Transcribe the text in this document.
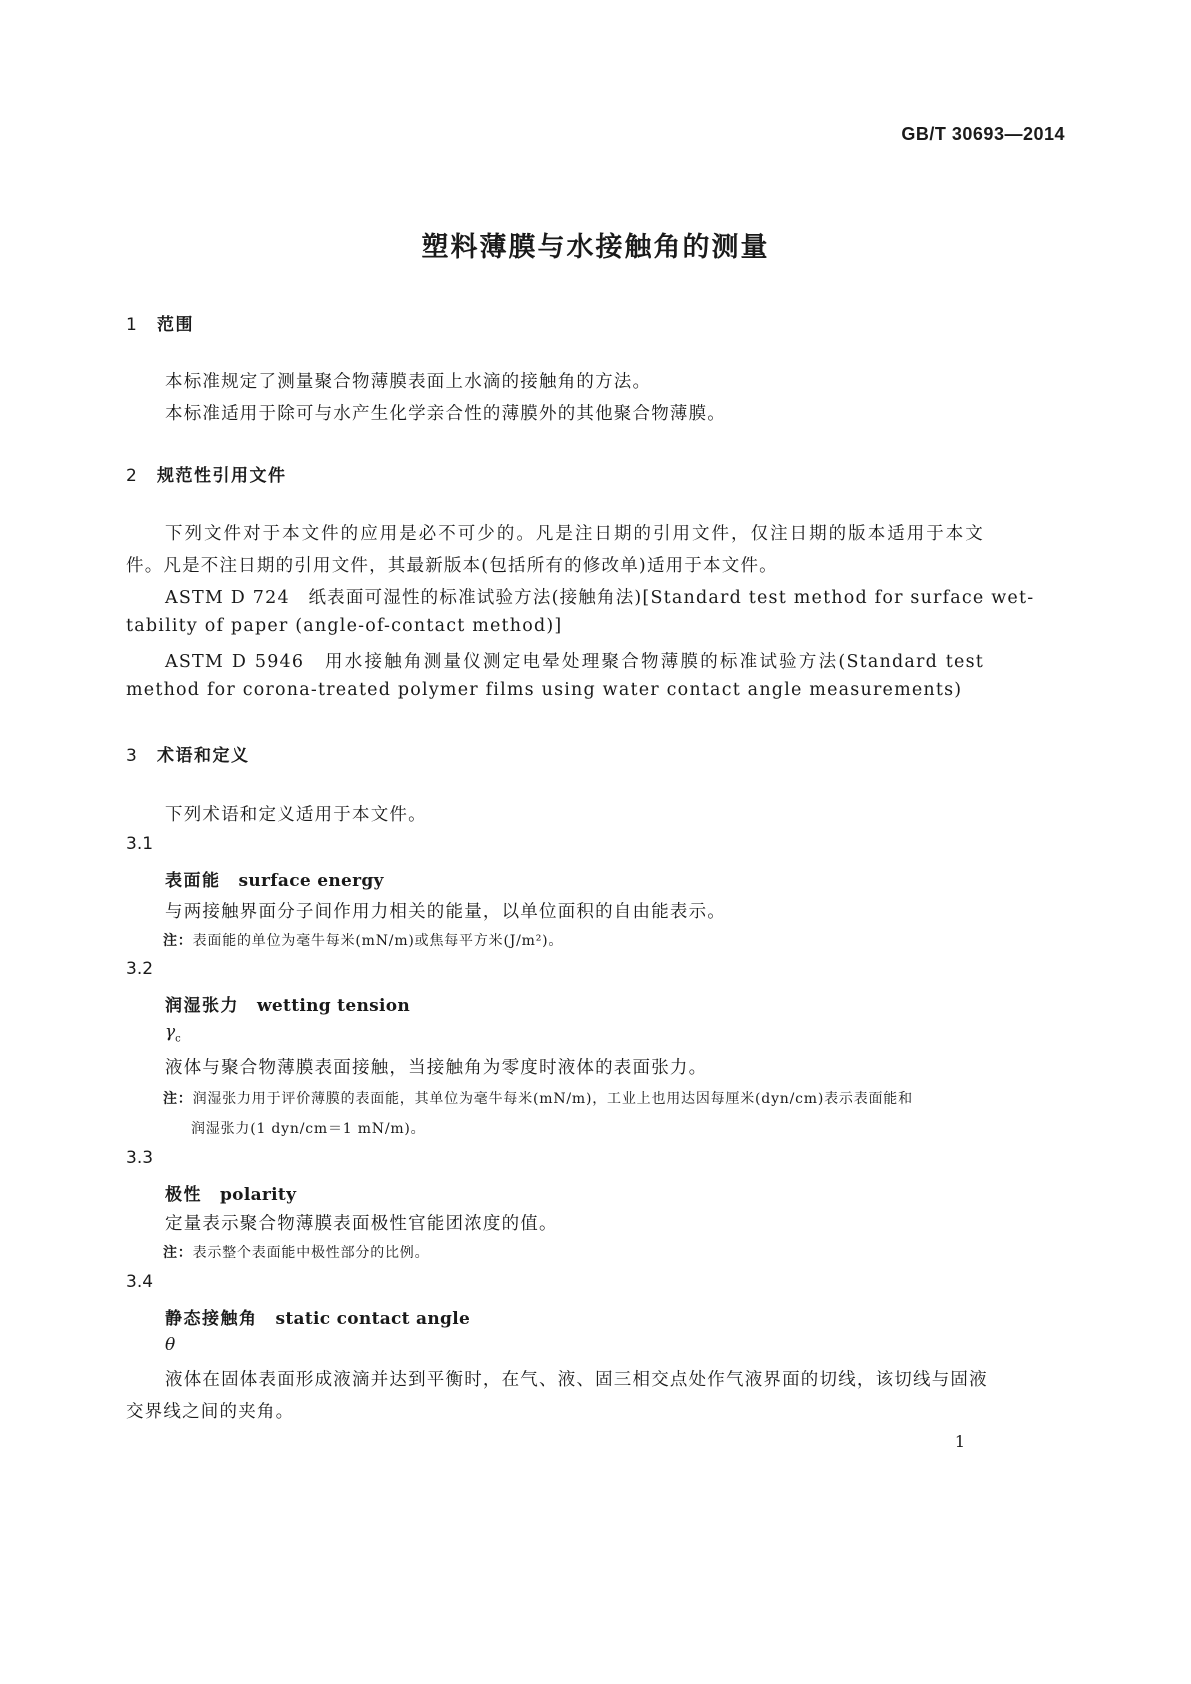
GB/T 30693—2014
塑料薄膜与水接触角的测量
1 范围
本标准规定了测量聚合物薄膜表面上水滴的接触角的方法。
本标准适用于除可与水产生化学亲合性的薄膜外的其他聚合物薄膜。
2 规范性引用文件
下列文件对于本文件的应用是必不可少的。凡是注日期的引用文件，仅注日期的版本适用于本文
件。凡是不注日期的引用文件，其最新版本(包括所有的修改单)适用于本文件。
ASTM D 724　纸表面可湿性的标准试验方法(接触角法)[Standard test method for surface wet-
tability of paper (angle-of-contact method)]
ASTM D 5946　用水接触角测量仪测定电晕处理聚合物薄膜的标准试验方法(Standard test
method for corona-treated polymer films using water contact angle measurements)
3 术语和定义
下列术语和定义适用于本文件。
3.1
表面能 surface energy
与两接触界面分子间作用力相关的能量，以单位面积的自由能表示。
注：表面能的单位为毫牛每米(mN/m)或焦每平方米(J/m²)。
3.2
润湿张力 wetting tension
$\gamma_c$
液体与聚合物薄膜表面接触，当接触角为零度时液体的表面张力。
注：润湿张力用于评价薄膜的表面能，其单位为毫牛每米(mN/m)，工业上也用达因每厘米(dyn/cm)表示表面能和
润湿张力(1 dyn/cm＝1 mN/m)。
3.3
极性 polarity
定量表示聚合物薄膜表面极性官能团浓度的值。
注：表示整个表面能中极性部分的比例。
3.4
静态接触角 static contact angle
θ
液体在固体表面形成液滴并达到平衡时，在气、液、固三相交点处作气液界面的切线，该切线与固液
交界线之间的夹角。
1
